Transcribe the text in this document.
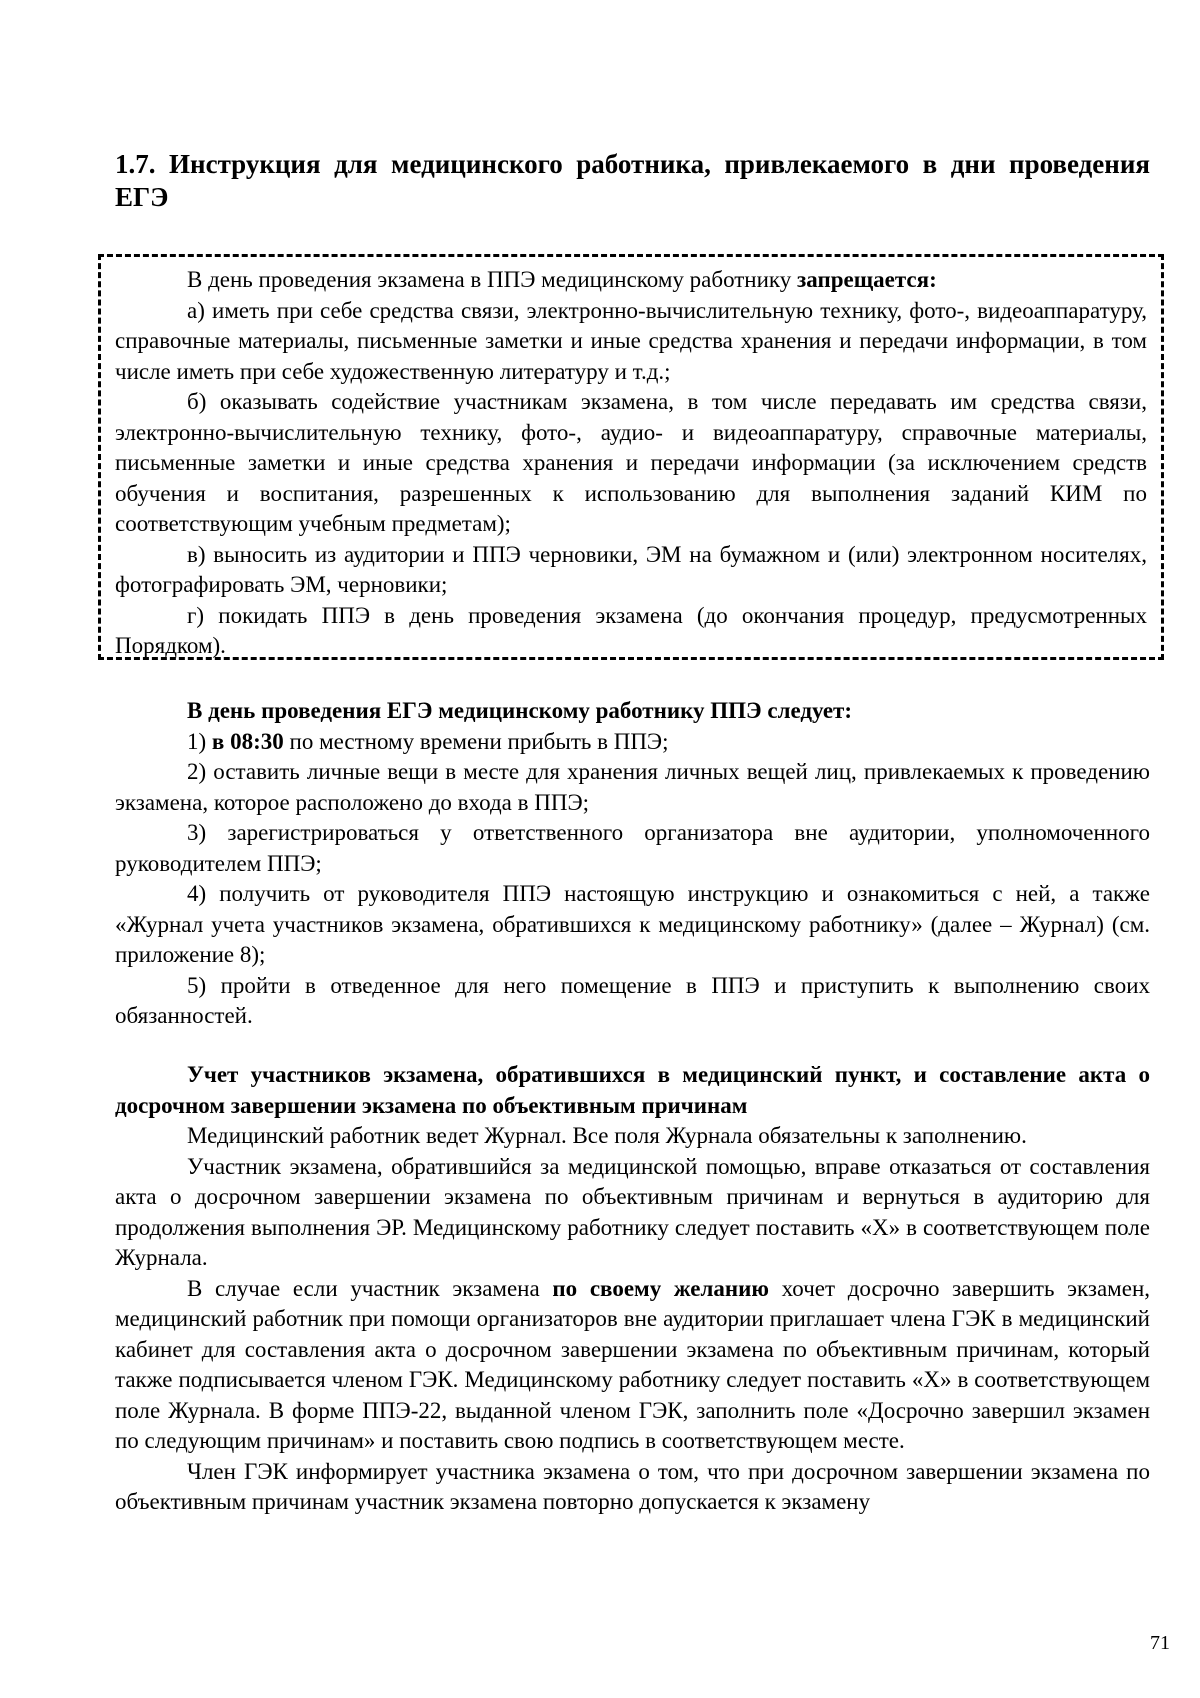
1.7. Инструкция для медицинского работника, привлекаемого в дни проведения ЕГЭ

В день проведения экзамена в ППЭ медицинскому работнику запрещается:

а) иметь при себе средства связи, электронно-вычислительную технику, фото-, видеоаппаратуру, справочные материалы, письменные заметки и иные средства хранения и передачи информации, в том числе иметь при себе художественную литературу и т.д.;

б) оказывать содействие участникам экзамена, в том числе передавать им средства связи, электронно-вычислительную технику, фото-, аудио- и видеоаппаратуру, справочные материалы, письменные заметки и иные средства хранения и передачи информации (за исключением средств обучения и воспитания, разрешенных к использованию для выполнения заданий КИМ по соответствующим учебным предметам);

в) выносить из аудитории и ППЭ черновики, ЭМ на бумажном и (или) электронном носителях, фотографировать ЭМ, черновики;

г) покидать ППЭ в день проведения экзамена (до окончания процедур, предусмотренных Порядком).

В день проведения ЕГЭ медицинскому работнику ППЭ следует:

1) в 08:30 по местному времени прибыть в ППЭ;

2) оставить личные вещи в месте для хранения личных вещей лиц, привлекаемых к проведению экзамена, которое расположено до входа в ППЭ;

3) зарегистрироваться у ответственного организатора вне аудитории, уполномоченного руководителем ППЭ;

4) получить от руководителя ППЭ настоящую инструкцию и ознакомиться с ней, а также «Журнал учета участников экзамена, обратившихся к медицинскому работнику» (далее – Журнал) (см. приложение 8);

5) пройти в отведенное для него помещение в ППЭ и приступить к выполнению своих обязанностей.

Учет участников экзамена, обратившихся в медицинский пункт, и составление акта о досрочном завершении экзамена по объективным причинам

Медицинский работник ведет Журнал. Все поля Журнала обязательны к заполнению.

Участник экзамена, обратившийся за медицинской помощью, вправе отказаться от составления акта о досрочном завершении экзамена по объективным причинам и вернуться в аудиторию для продолжения выполнения ЭР. Медицинскому работнику следует поставить «Х» в соответствующем поле Журнала.

В случае если участник экзамена по своему желанию хочет досрочно завершить экзамен, медицинский работник при помощи организаторов вне аудитории приглашает члена ГЭК в медицинский кабинет для составления акта о досрочном завершении экзамена по объективным причинам, который также подписывается членом ГЭК. Медицинскому работнику следует поставить «Х» в соответствующем поле Журнала. В форме ППЭ-22, выданной членом ГЭК, заполнить поле «Досрочно завершил экзамен по следующим причинам» и поставить свою подпись в соответствующем месте.

Член ГЭК информирует участника экзамена о том, что при досрочном завершении экзамена по объективным причинам участник экзамена повторно допускается к экзамену

71
